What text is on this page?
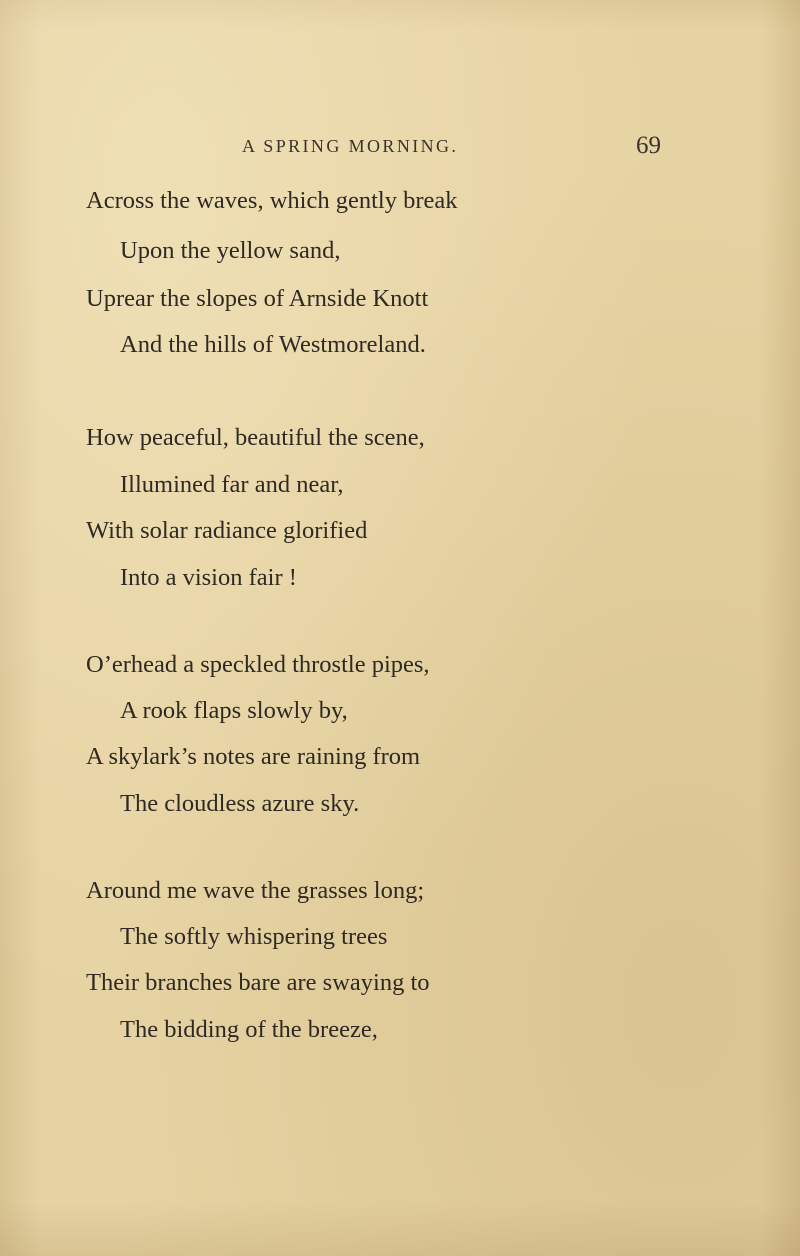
A SPRING MORNING.	69
Across the waves, which gently break
Upon the yellow sand,
Uprear the slopes of Arnside Knott
And the hills of Westmoreland.
How peaceful, beautiful the scene,
Illumined far and near,
With solar radiance glorified
Into a vision fair !
O’erhead a speckled throstle pipes,
A rook flaps slowly by,
A skylark’s notes are raining from
The cloudless azure sky.
Around me wave the grasses long;
The softly whispering trees
Their branches bare are swaying to
The bidding of the breeze,
